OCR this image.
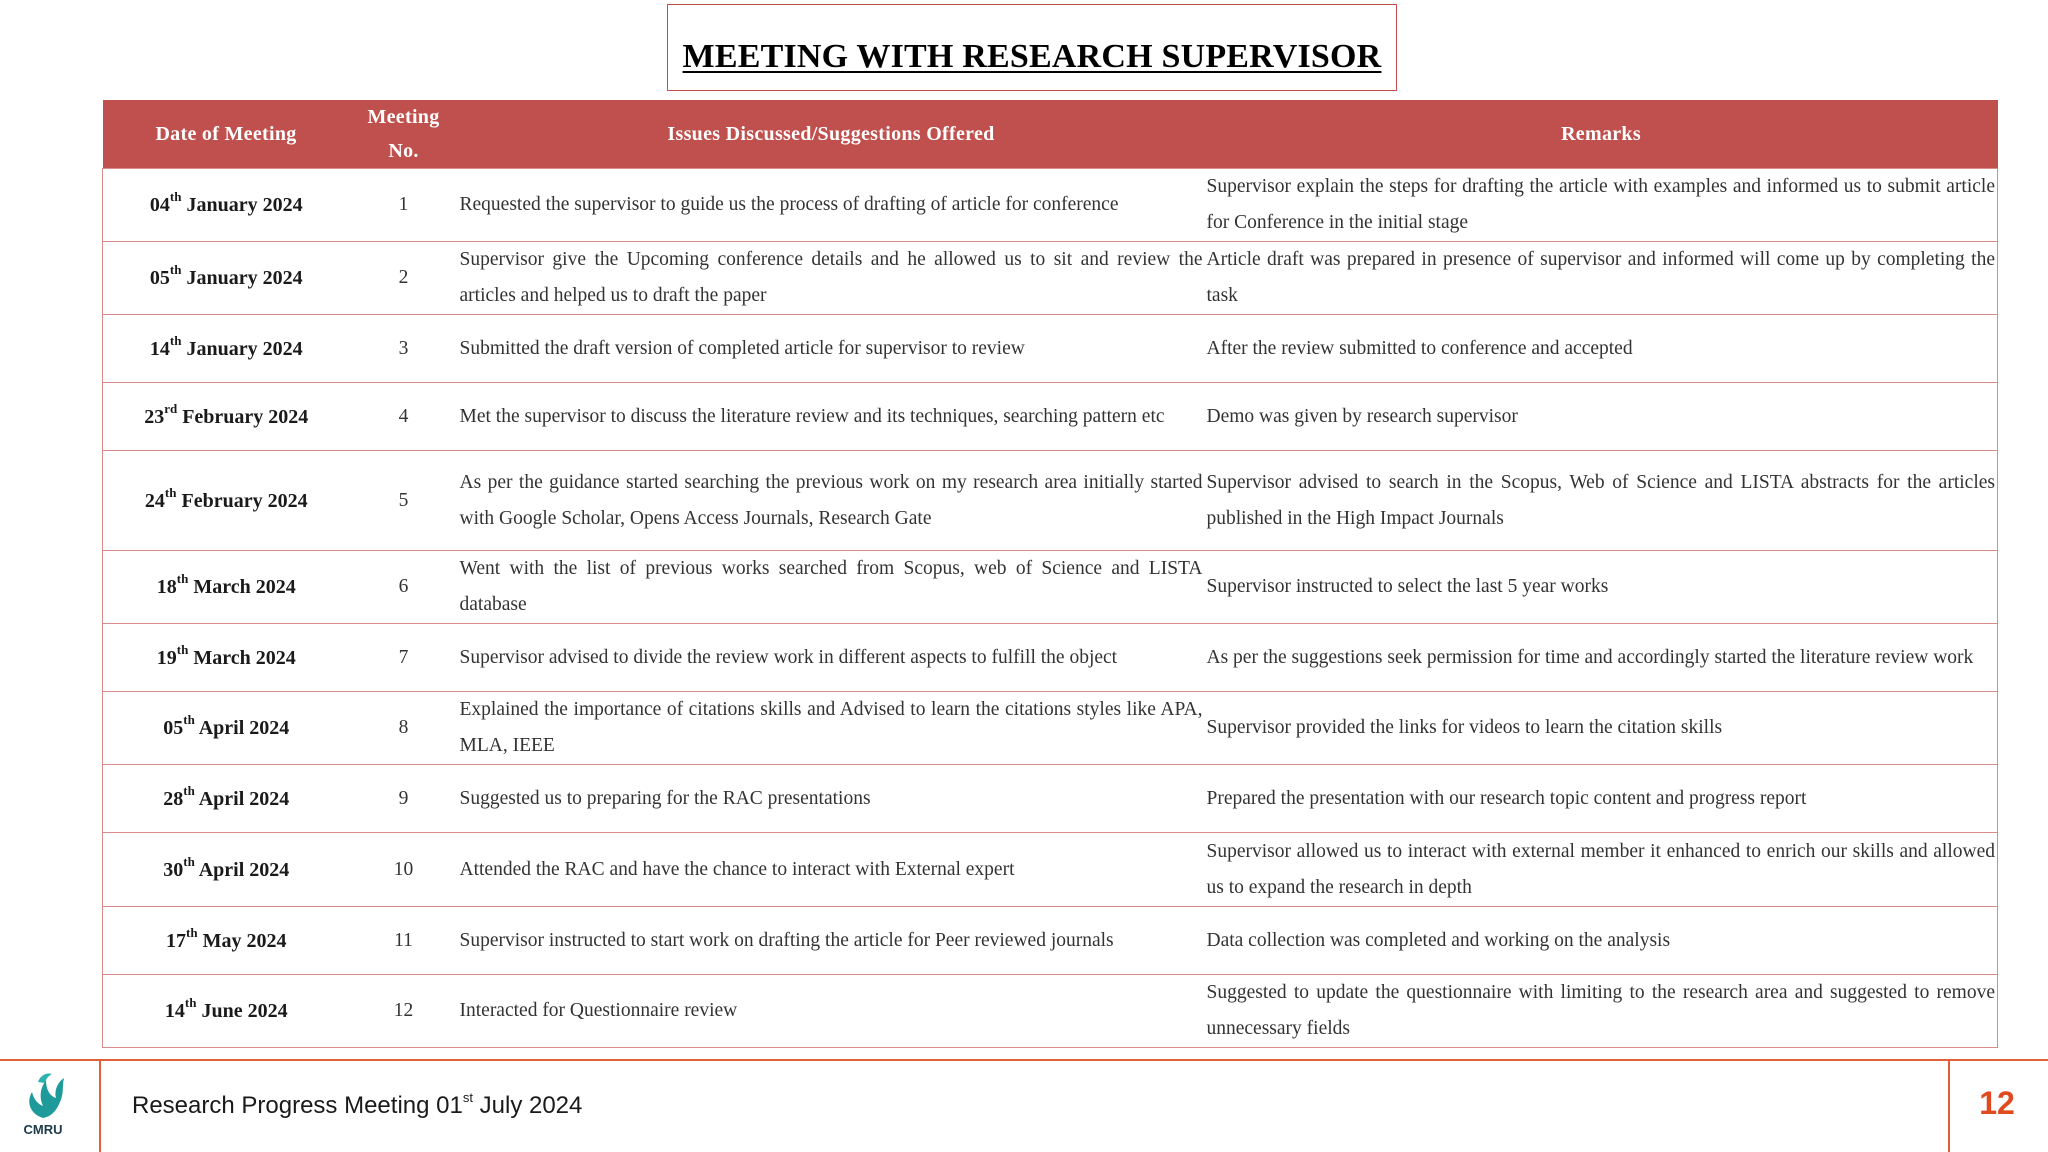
MEETING WITH RESEARCH SUPERVISOR
Date of Meeting	Meeting No.	Issues Discussed/Suggestions Offered	Remarks
04th January 2024	1	Requested the supervisor to guide us the process of drafting of article for conference	Supervisor explain the steps for drafting the article with examples and informed us to submit article for Conference in the initial stage
05th January 2024	2	Supervisor give the Upcoming conference details and he allowed us to sit and review the articles and helped us to draft the paper	Article draft was prepared in presence of supervisor and informed will come up by completing the task
14th January 2024	3	Submitted the draft version of completed article for supervisor to review	After the review submitted to conference and accepted
23rd February 2024	4	Met the supervisor to discuss the literature review and its techniques, searching pattern etc	Demo was given by research supervisor
24th February 2024	5	As per the guidance started searching the previous work on my research area initially started with Google Scholar, Opens Access Journals, Research Gate	Supervisor advised to search in the Scopus, Web of Science and LISTA abstracts for the articles published in the High Impact Journals
18th March 2024	6	Went with the list of previous works searched from Scopus, web of Science and LISTA database	Supervisor instructed to select the last 5 year works
19th March 2024	7	Supervisor advised to divide the review work in different aspects to fulfill the object	As per the suggestions seek permission for time and accordingly started the literature review work
05th April 2024	8	Explained the importance of citations skills and Advised to learn the citations styles like APA, MLA, IEEE	Supervisor provided the links for videos to learn the citation skills
28th April 2024	9	Suggested us to preparing for the RAC presentations	Prepared the presentation with our research topic content and progress report
30th April 2024	10	Attended the RAC and have the chance to interact with External expert	Supervisor allowed us to interact with external member it enhanced to enrich our skills and allowed us to expand the research in depth
17th May 2024	11	Supervisor instructed to start work on drafting the article for Peer reviewed journals	Data collection was completed and working on the analysis
14th June 2024	12	Interacted for Questionnaire review	Suggested to update the questionnaire with limiting to the research area and suggested to remove unnecessary fields
CMRU
Research Progress Meeting 01st July 2024	12
